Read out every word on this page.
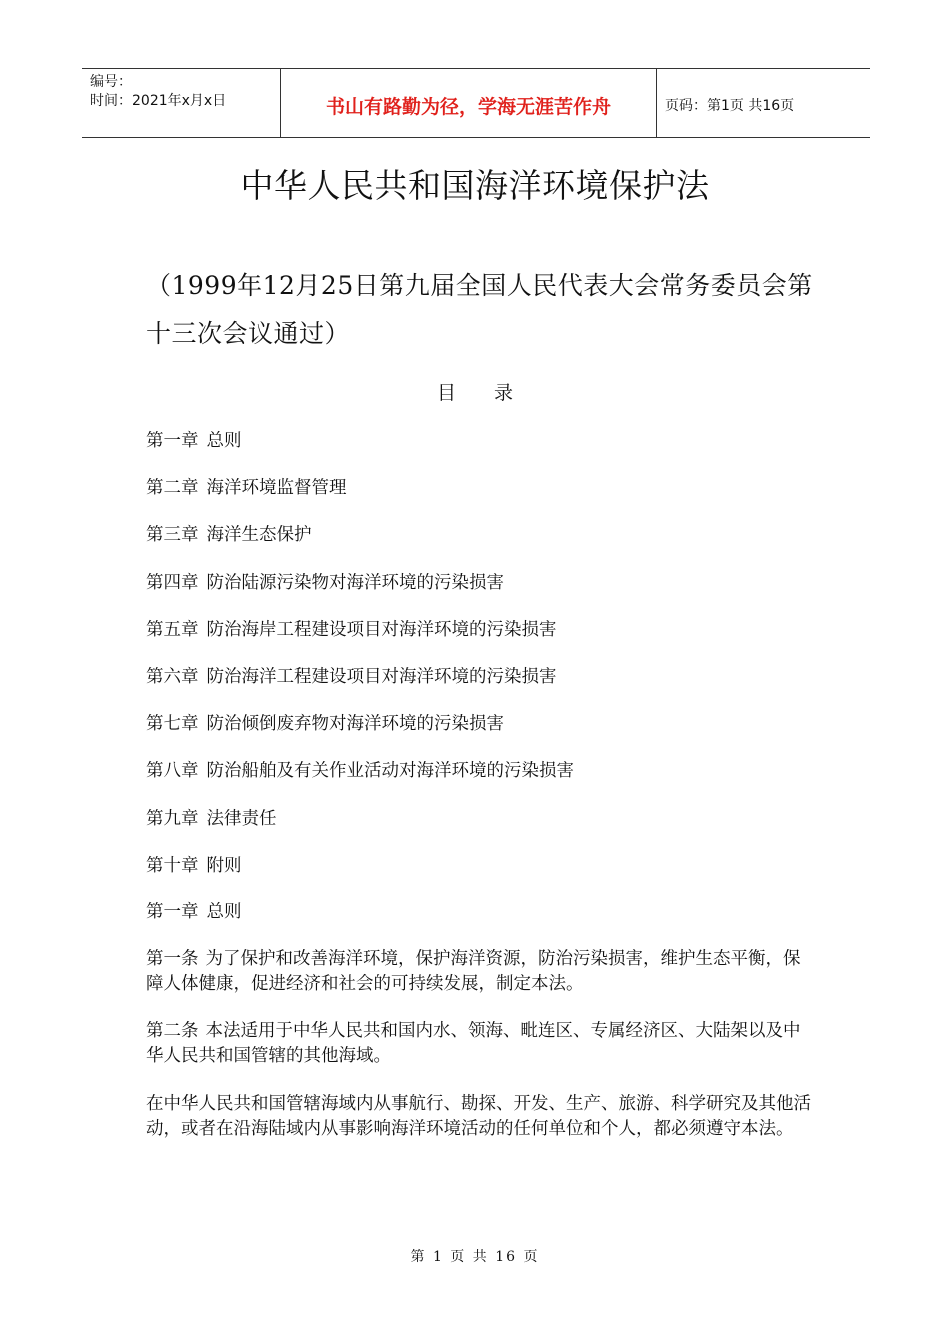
编号：
时间：2021年x月x日	书山有路勤为径，学海无涯苦作舟	页码：第1页 共16页
中华人民共和国海洋环境保护法
（1999年12月25日第九届全国人民代表大会常务委员会第十三次会议通过）
目 录
第一章 总则
第二章 海洋环境监督管理
第三章 海洋生态保护
第四章 防治陆源污染物对海洋环境的污染损害
第五章 防治海岸工程建设项目对海洋环境的污染损害
第六章 防治海洋工程建设项目对海洋环境的污染损害
第七章 防治倾倒废弃物对海洋环境的污染损害
第八章 防治船舶及有关作业活动对海洋环境的污染损害
第九章 法律责任
第十章 附则
第一章 总则

第一条 为了保护和改善海洋环境，保护海洋资源，防治污染损害，维护生态平衡，保障人体健康，促进经济和社会的可持续发展，制定本法。

第二条 本法适用于中华人民共和国内水、领海、毗连区、专属经济区、大陆架以及中华人民共和国管辖的其他海域。

在中华人民共和国管辖海域内从事航行、勘探、开发、生产、旅游、科学研究及其他活动，或者在沿海陆域内从事影响海洋环境活动的任何单位和个人，都必须遵守本法。

第 1 页 共 16 页
